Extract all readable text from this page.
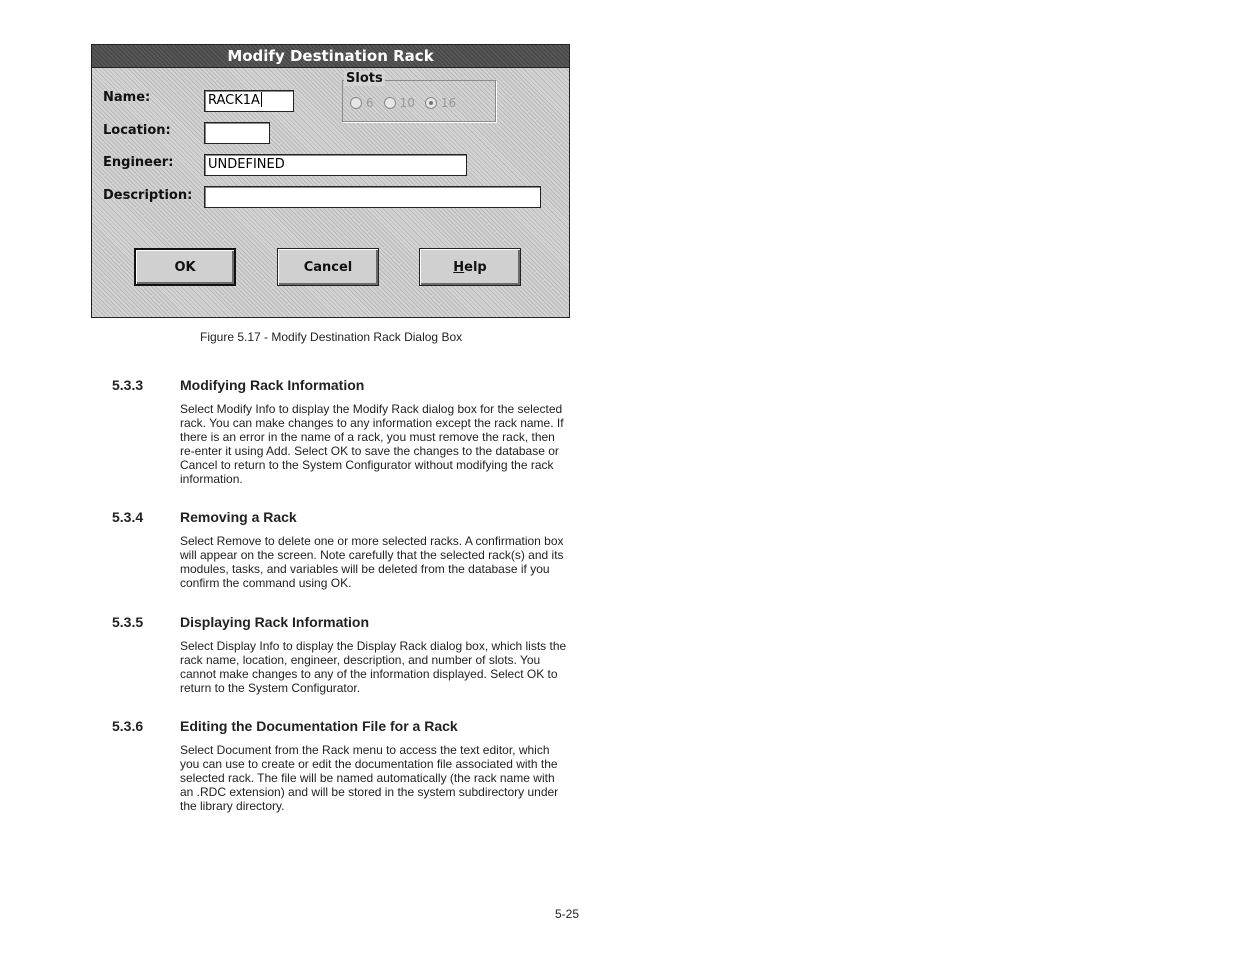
Modify Destination Rack
Name:	RACK1A
Location:
Engineer:	UNDEFINED
Description:
Slots
6 10 16
OK	Cancel	H elp
Figure 5.17 - Modify Destination Rack Dialog Box
5.3.3	Modifying Rack Information

Select Modify Info to display the Modify Rack dialog box for the selected rack. You can make changes to any information except the rack name. If there is an error in the name of a rack, you must remove the rack, then re-enter it using Add. Select OK to save the changes to the database or Cancel to return to the System Configurator without modifying the rack information.

5.3.4	Removing a Rack

Select Remove to delete one or more selected racks. A confirmation box will appear on the screen. Note carefully that the selected rack(s) and its modules, tasks, and variables will be deleted from the database if you confirm the command using OK.

5.3.5	Displaying Rack Information

Select Display Info to display the Display Rack dialog box, which lists the rack name, location, engineer, description, and number of slots. You cannot make changes to any of the information displayed. Select OK to return to the System Configurator.

5.3.6	Editing the Documentation File for a Rack

Select Document from the Rack menu to access the text editor, which you can use to create or edit the documentation file associated with the selected rack. The file will be named automatically (the rack name with an .RDC extension) and will be stored in the system subdirectory under the library directory.

5-25
